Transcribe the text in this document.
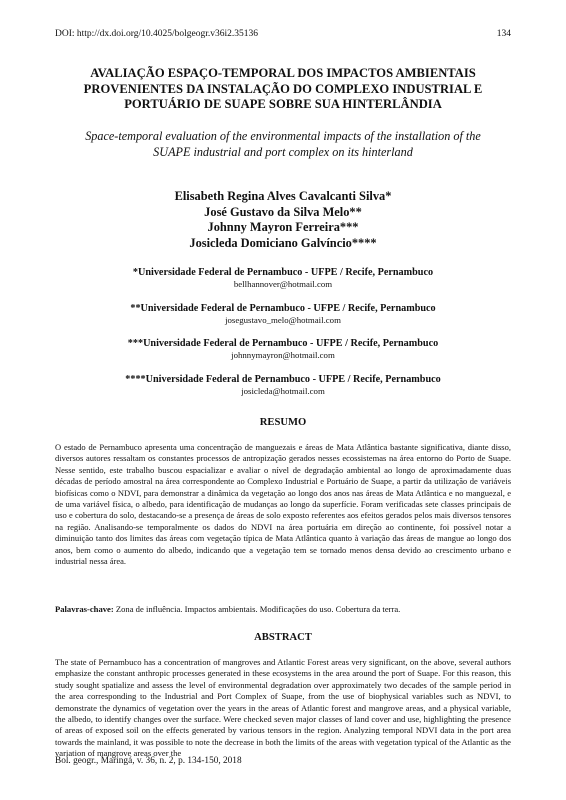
DOI: http://dx.doi.org/10.4025/bolgeogr.v36i2.35136	134
AVALIAÇÃO ESPAÇO-TEMPORAL DOS IMPACTOS AMBIENTAIS
PROVENIENTES DA INSTALAÇÃO DO COMPLEXO INDUSTRIAL E
PORTUÁRIO DE SUAPE SOBRE SUA HINTERLÂNDIA
Space-temporal evaluation of the environmental impacts of the installation of the
SUAPE industrial and port complex on its hinterland
Elisabeth Regina Alves Cavalcanti Silva*
José Gustavo da Silva Melo**
Johnny Mayron Ferreira***
Josicleda Domiciano Galvíncio****
*Universidade Federal de Pernambuco - UFPE / Recife, Pernambuco
bellhannover@hotmail.com
**Universidade Federal de Pernambuco - UFPE / Recife, Pernambuco
josegustavo_melo@hotmail.com
***Universidade Federal de Pernambuco - UFPE / Recife, Pernambuco
johnnymayron@hotmail.com
****Universidade Federal de Pernambuco - UFPE / Recife, Pernambuco
josicleda@hotmail.com
RESUMO
O estado de Pernambuco apresenta uma concentração de manguezais e áreas de Mata Atlântica bastante significativa, diante disso, diversos autores ressaltam os constantes processos de antropização gerados nesses ecossistemas na área entorno do Porto de Suape. Nesse sentido, este trabalho buscou espacializar e avaliar o nível de degradação ambiental ao longo de aproximadamente duas décadas de período amostral na área correspondente ao Complexo Industrial e Portuário de Suape, a partir da utilização de variáveis biofísicas como o NDVI, para demonstrar a dinâmica da vegetação ao longo dos anos nas áreas de Mata Atlântica e no manguezal, e de uma variável física, o albedo, para identificação de mudanças ao longo da superfície. Foram verificadas sete classes principais de uso e cobertura do solo, destacando-se a presença de áreas de solo exposto referentes aos efeitos gerados pelos mais diversos tensores na região. Analisando-se temporalmente os dados do NDVI na área portuária em direção ao continente, foi possível notar a diminuição tanto dos limites das áreas com vegetação típica de Mata Atlântica quanto à variação das áreas de mangue ao longo dos anos, bem como o aumento do albedo, indicando que a vegetação tem se tornado menos densa devido ao crescimento urbano e industrial nessa área.
Palavras-chave: Zona de influência. Impactos ambientais. Modificações do uso. Cobertura da terra.
ABSTRACT
The state of Pernambuco has a concentration of mangroves and Atlantic Forest areas very significant, on the above, several authors emphasize the constant anthropic processes generated in these ecosystems in the area around the port of Suape. For this reason, this study sought spatialize and assess the level of environmental degradation over approximately two decades of the sample period in the area corresponding to the Industrial and Port Complex of Suape, from the use of biophysical variables such as NDVI, to demonstrate the dynamics of vegetation over the years in the areas of Atlantic forest and mangrove areas, and a physical variable, the albedo, to identify changes over the surface. Were checked seven major classes of land cover and use, highlighting the presence of areas of exposed soil on the effects generated by various tensors in the region. Analyzing temporal NDVI data in the port area towards the mainland, it was possible to note the decrease in both the limits of the areas with vegetation typical of the Atlantic as the variation of mangrove areas over the
Bol. geogr., Maringá, v. 36, n. 2, p. 134-150, 2018
